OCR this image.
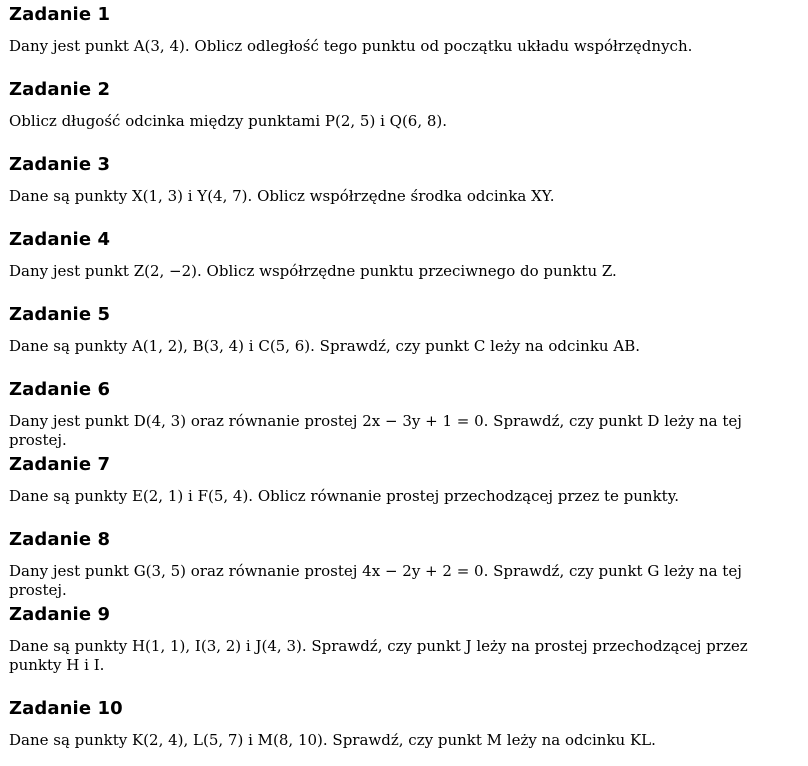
Zadanie 1

Dany jest punkt A(3, 4). Oblicz odległość tego punktu od początku układu współrzędnych.

Zadanie 2

Oblicz długość odcinka między punktami P(2, 5) i Q(6, 8).

Zadanie 3

Dane są punkty X(1, 3) i Y(4, 7). Oblicz współrzędne środka odcinka XY.

Zadanie 4

Dany jest punkt Z(2, −2). Oblicz współrzędne punktu przeciwnego do punktu Z.

Zadanie 5

Dane są punkty A(1, 2), B(3, 4) i C(5, 6). Sprawdź, czy punkt C leży na odcinku AB.

Zadanie 6

Dany jest punkt D(4, 3) oraz równanie prostej 2x − 3y + 1 = 0. Sprawdź, czy punkt D leży na tej prostej.

Zadanie 7

Dane są punkty E(2, 1) i F(5, 4). Oblicz równanie prostej przechodzącej przez te punkty.

Zadanie 8

Dany jest punkt G(3, 5) oraz równanie prostej 4x − 2y + 2 = 0. Sprawdź, czy punkt G leży na tej prostej.

Zadanie 9

Dane są punkty H(1, 1), I(3, 2) i J(4, 3). Sprawdź, czy punkt J leży na prostej przechodzącej przez punkty H i I.

Zadanie 10

Dane są punkty K(2, 4), L(5, 7) i M(8, 10). Sprawdź, czy punkt M leży na odcinku KL.
